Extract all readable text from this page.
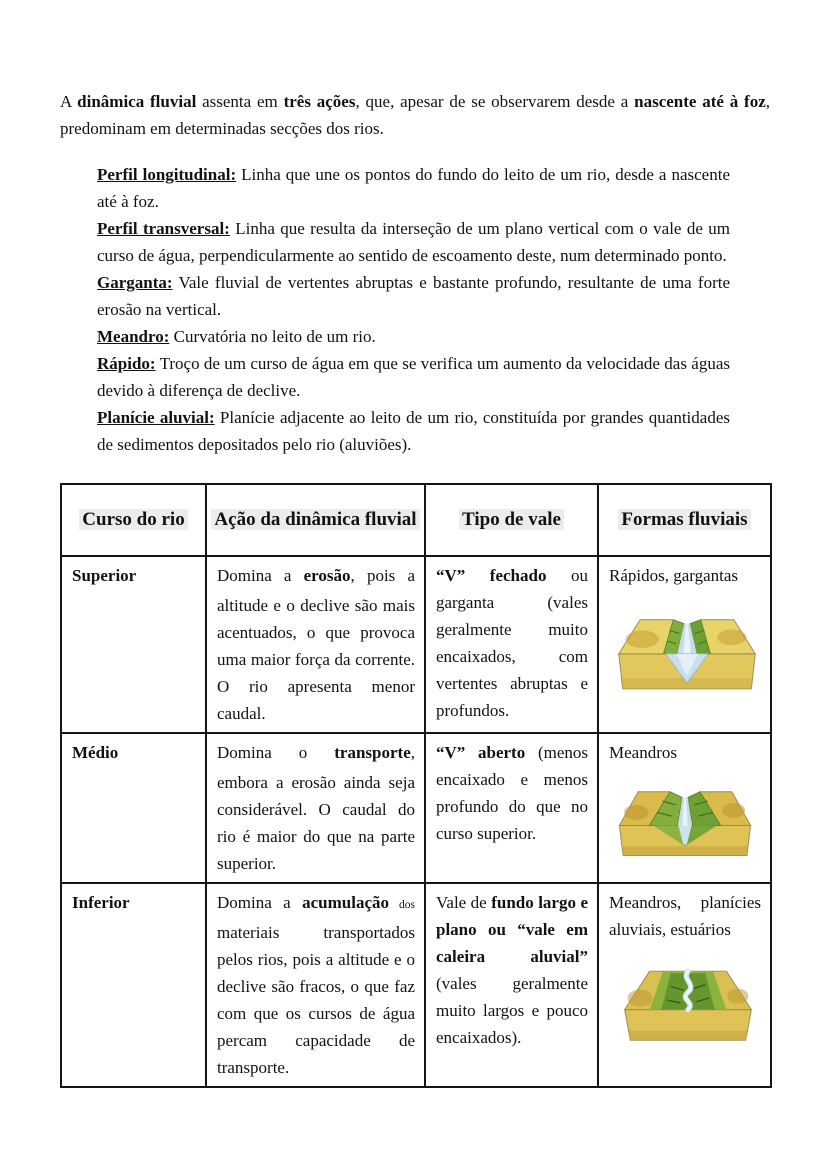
A dinâmica fluvial assenta em três ações, que, apesar de se observarem desde a nascente até à foz, predominam em determinadas secções dos rios.

Perfil longitudinal: Linha que une os pontos do fundo do leito de um rio, desde a nascente até à foz.

Perfil transversal: Linha que resulta da interseção de um plano vertical com o vale de um curso de água, perpendicularmente ao sentido de escoamento deste, num determinado ponto.

Garganta: Vale fluvial de vertentes abruptas e bastante profundo, resultante de uma forte erosão na vertical.

Meandro: Curvatória no leito de um rio.

Rápido: Troço de um curso de água em que se verifica um aumento da velocidade das águas devido à diferença de declive.

Planície aluvial: Planície adjacente ao leito de um rio, constituída por grandes quantidades de sedimentos depositados pelo rio (aluviões).

Curso do rio	Ação da dinâmica fluvial	Tipo de vale	Formas fluviais
Superior	Domina a erosão, pois a altitude e o declive são mais acentuados, o que provoca uma maior força da corrente. O rio apresenta menor caudal.	“V” fechado ou garganta (vales geralmente muito encaixados, com vertentes abruptas e profundos.	Rápidos, gargantas

Médio	Domina o transporte, embora a erosão ainda seja considerável. O caudal do rio é maior do que na parte superior.	“V” aberto (menos encaixado e menos profundo do que no curso superior.	Meandros

Inferior	Domina a acumulação dos materiais transportados pelos rios, pois a altitude e o declive são fracos, o que faz com que os cursos de água percam capacidade de transporte.	Vale de fundo largo e plano ou “vale em caleira aluvial” (vales geralmente muito largos e pouco encaixados).	Meandros, planícies aluviais, estuários
